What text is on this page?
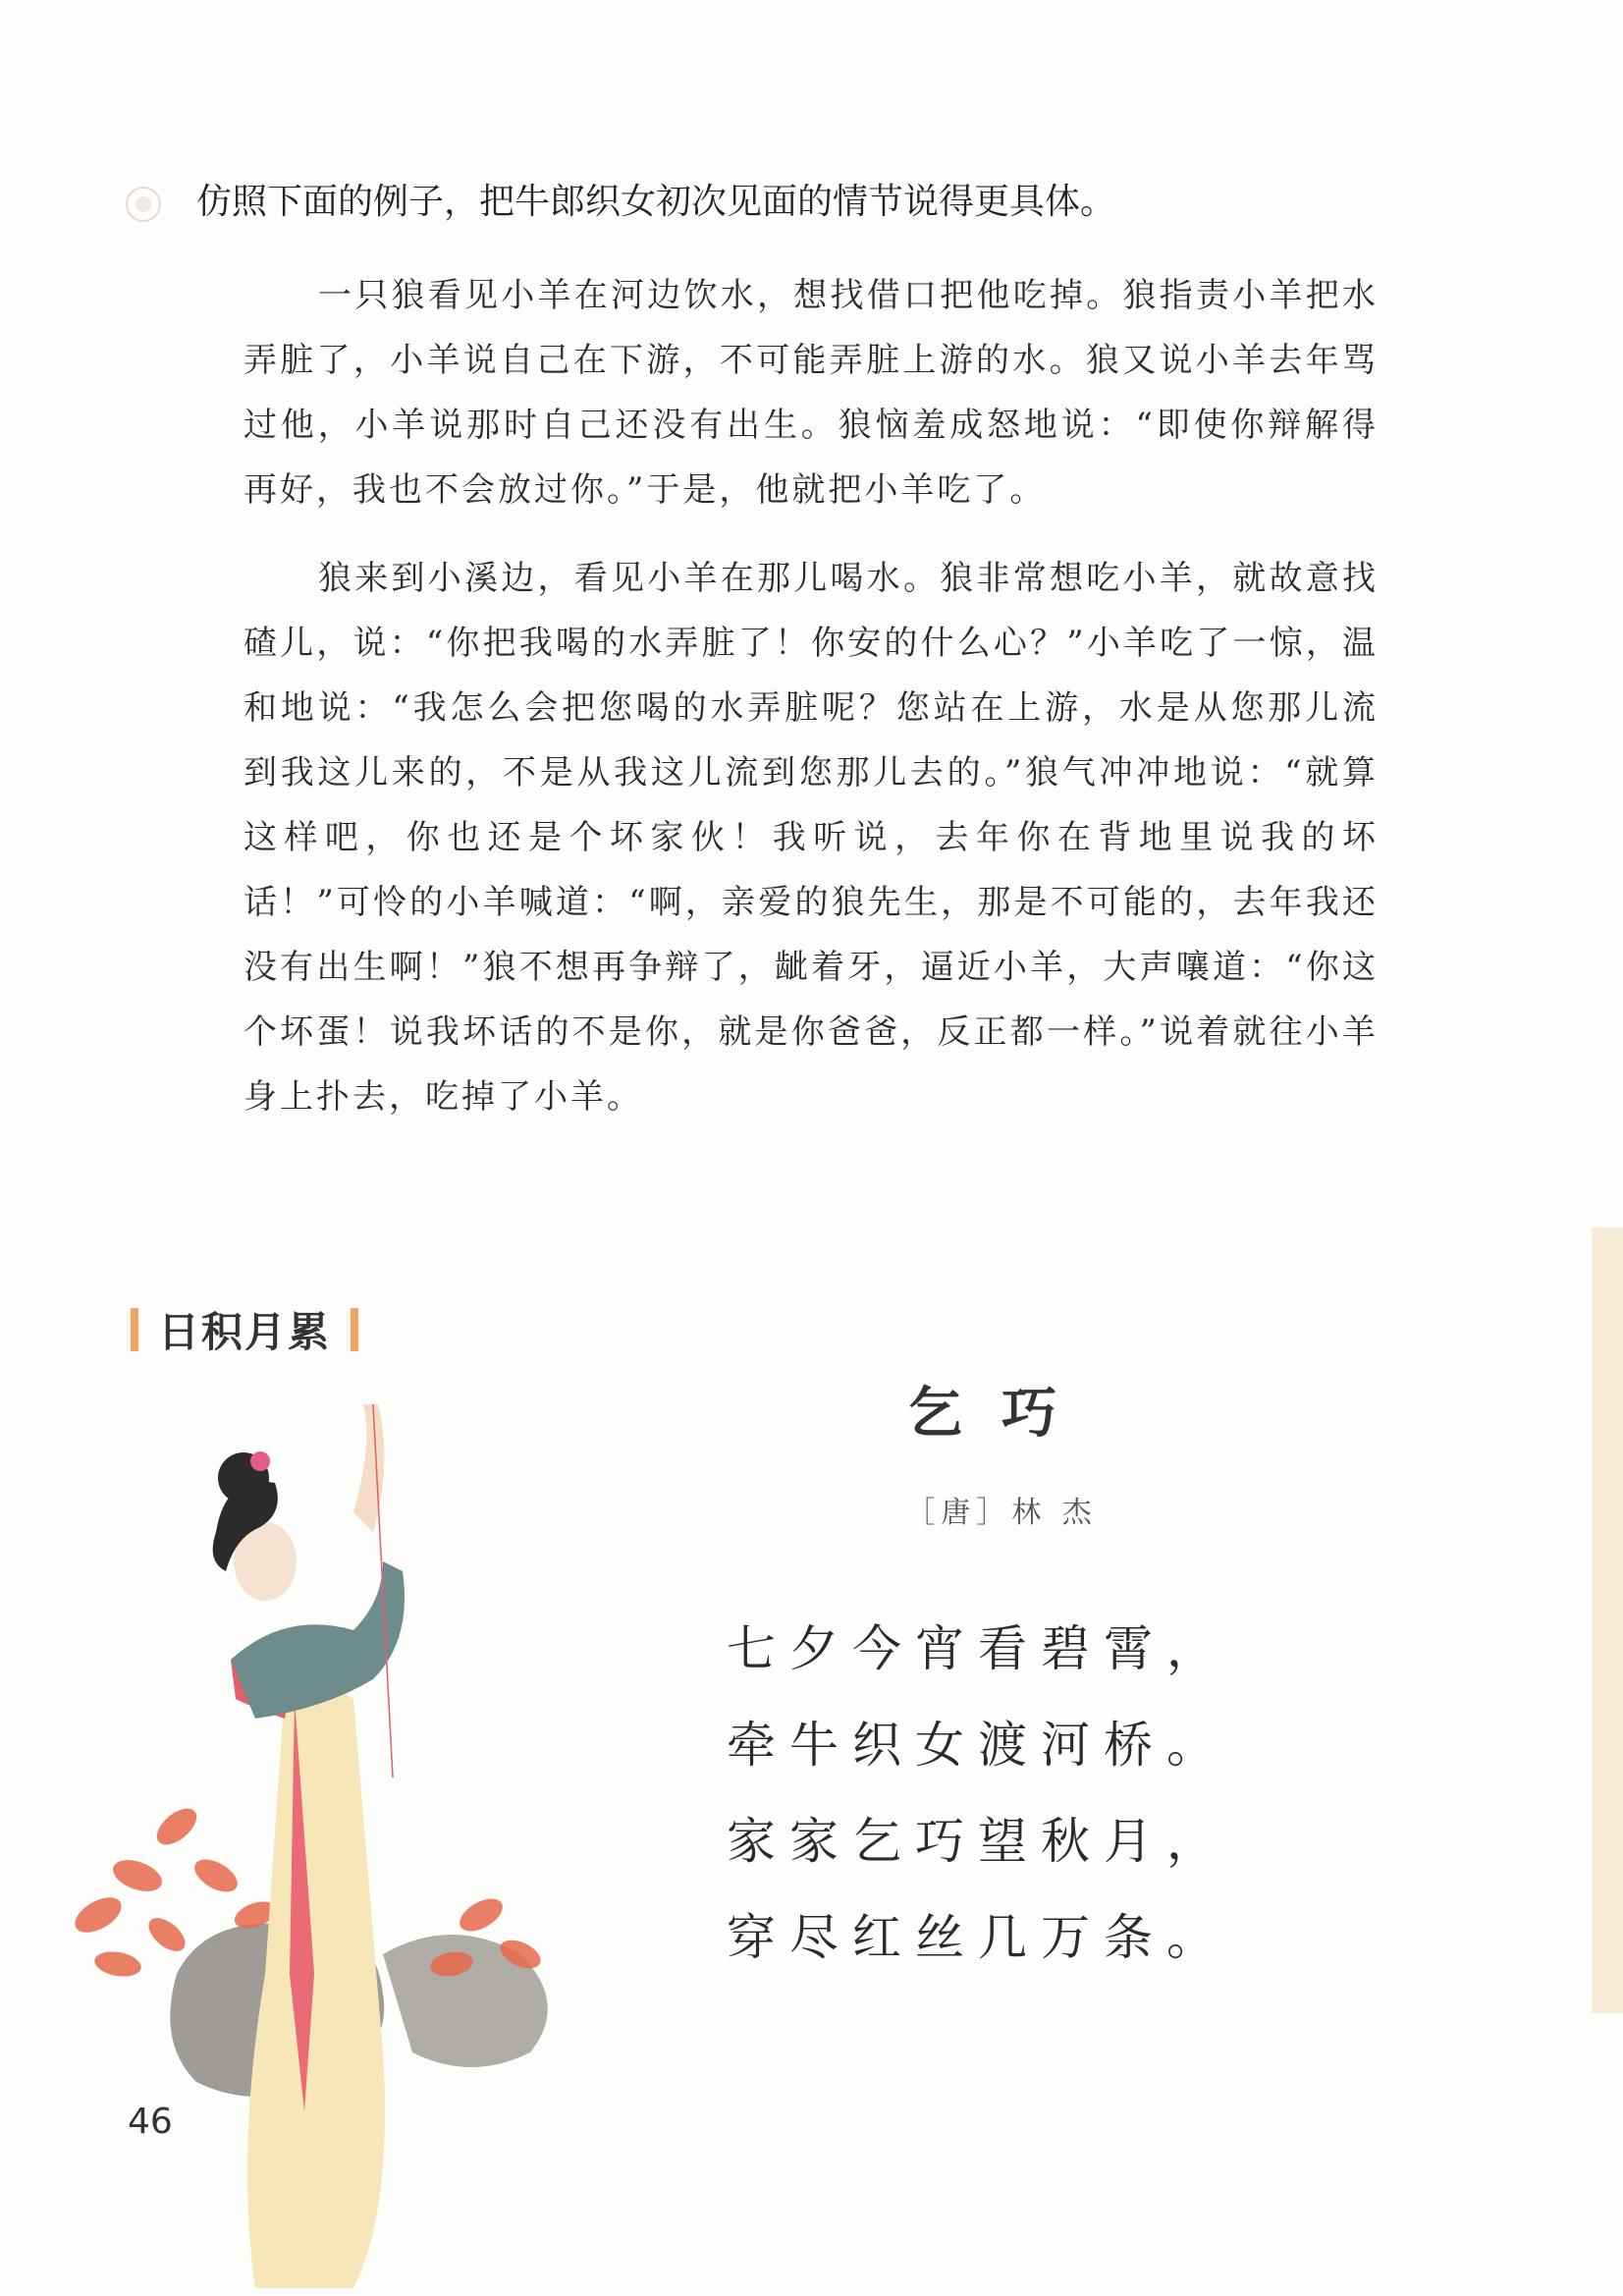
仿照下面的例子，把牛郎织女初次见面的情节说得更具体。

一只狼看见小羊在河边饮水，想找借口把他吃掉。狼指责小羊把水弄脏了，小羊说自己在下游，不可能弄脏上游的水。狼又说小羊去年骂过他，小羊说那时自己还没有出生。狼恼羞成怒地说：“即使你辩解得再好，我也不会放过你。”于是，他就把小羊吃了。

狼来到小溪边，看见小羊在那儿喝水。狼非常想吃小羊，就故意找碴儿，说：“你把我喝的水弄脏了！你安的什么心？”小羊吃了一惊，温和地说：“我怎么会把您喝的水弄脏呢？您站在上游，水是从您那儿流到我这儿来的，不是从我这儿流到您那儿去的。”狼气冲冲地说：“就算这样吧，你也还是个坏家伙！我听说，去年你在背地里说我的坏话！”可怜的小羊喊道：“啊，亲爱的狼先生，那是不可能的，去年我还没有出生啊！”狼不想再争辩了，龇着牙，逼近小羊，大声嚷道：“你这个坏蛋！说我坏话的不是你，就是你爸爸，反正都一样。”说着就往小羊身上扑去，吃掉了小羊。

日积月累
乞巧
［唐］林 杰
七夕今宵看碧霄，
牵牛织女渡河桥。
家家乞巧望秋月，
穿尽红丝几万条。
46
